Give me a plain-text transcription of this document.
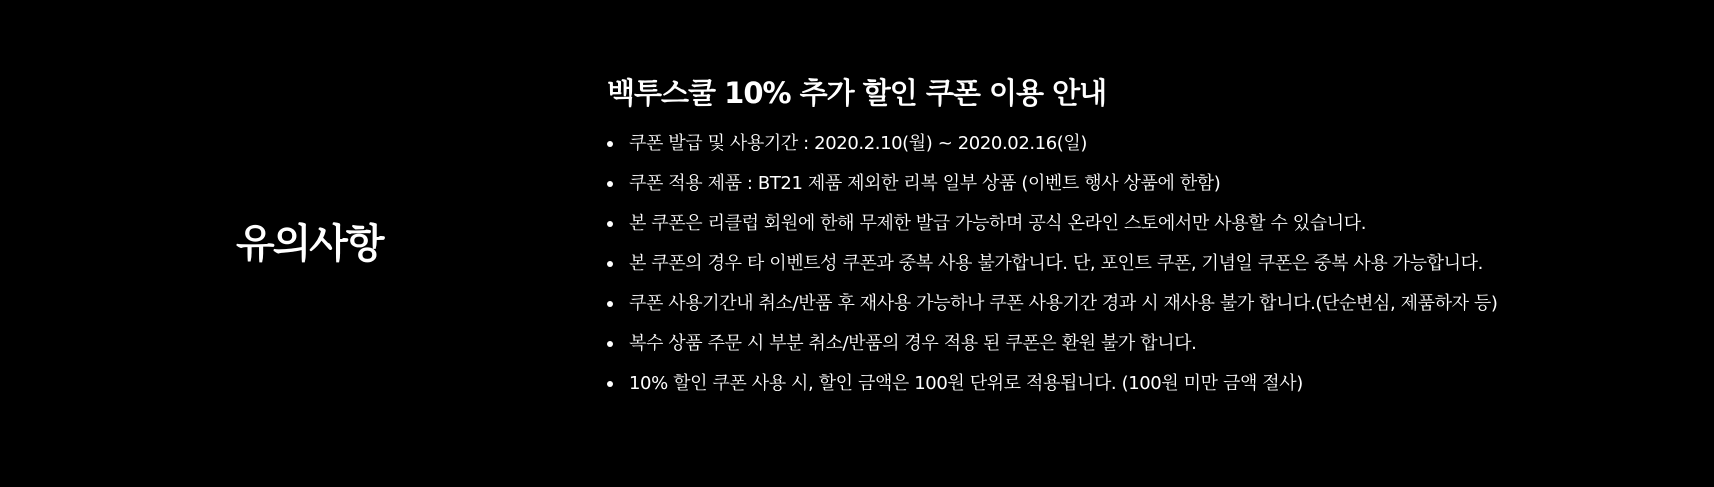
유의사항
백투스쿨 10% 추가 할인 쿠폰 이용 안내
쿠폰 발급 및 사용기간 : 2020.2.10(월) ~ 2020.02.16(일)
쿠폰 적용 제품 : BT21 제품 제외한 리복 일부 상품 (이벤트 행사 상품에 한함)
본 쿠폰은 리클럽 회원에 한해 무제한 발급 가능하며 공식 온라인 스토에서만 사용할 수 있습니다.
본 쿠폰의 경우 타 이벤트성 쿠폰과 중복 사용 불가합니다. 단, 포인트 쿠폰, 기념일 쿠폰은 중복 사용 가능합니다.
쿠폰 사용기간내 취소/반품 후 재사용 가능하나 쿠폰 사용기간 경과 시 재사용 불가 합니다.(단순변심, 제품하자 등)
복수 상품 주문 시 부분 취소/반품의 경우 적용 된 쿠폰은 환원 불가 합니다.
10% 할인 쿠폰 사용 시, 할인 금액은 100원 단위로 적용됩니다. (100원 미만 금액 절사)
